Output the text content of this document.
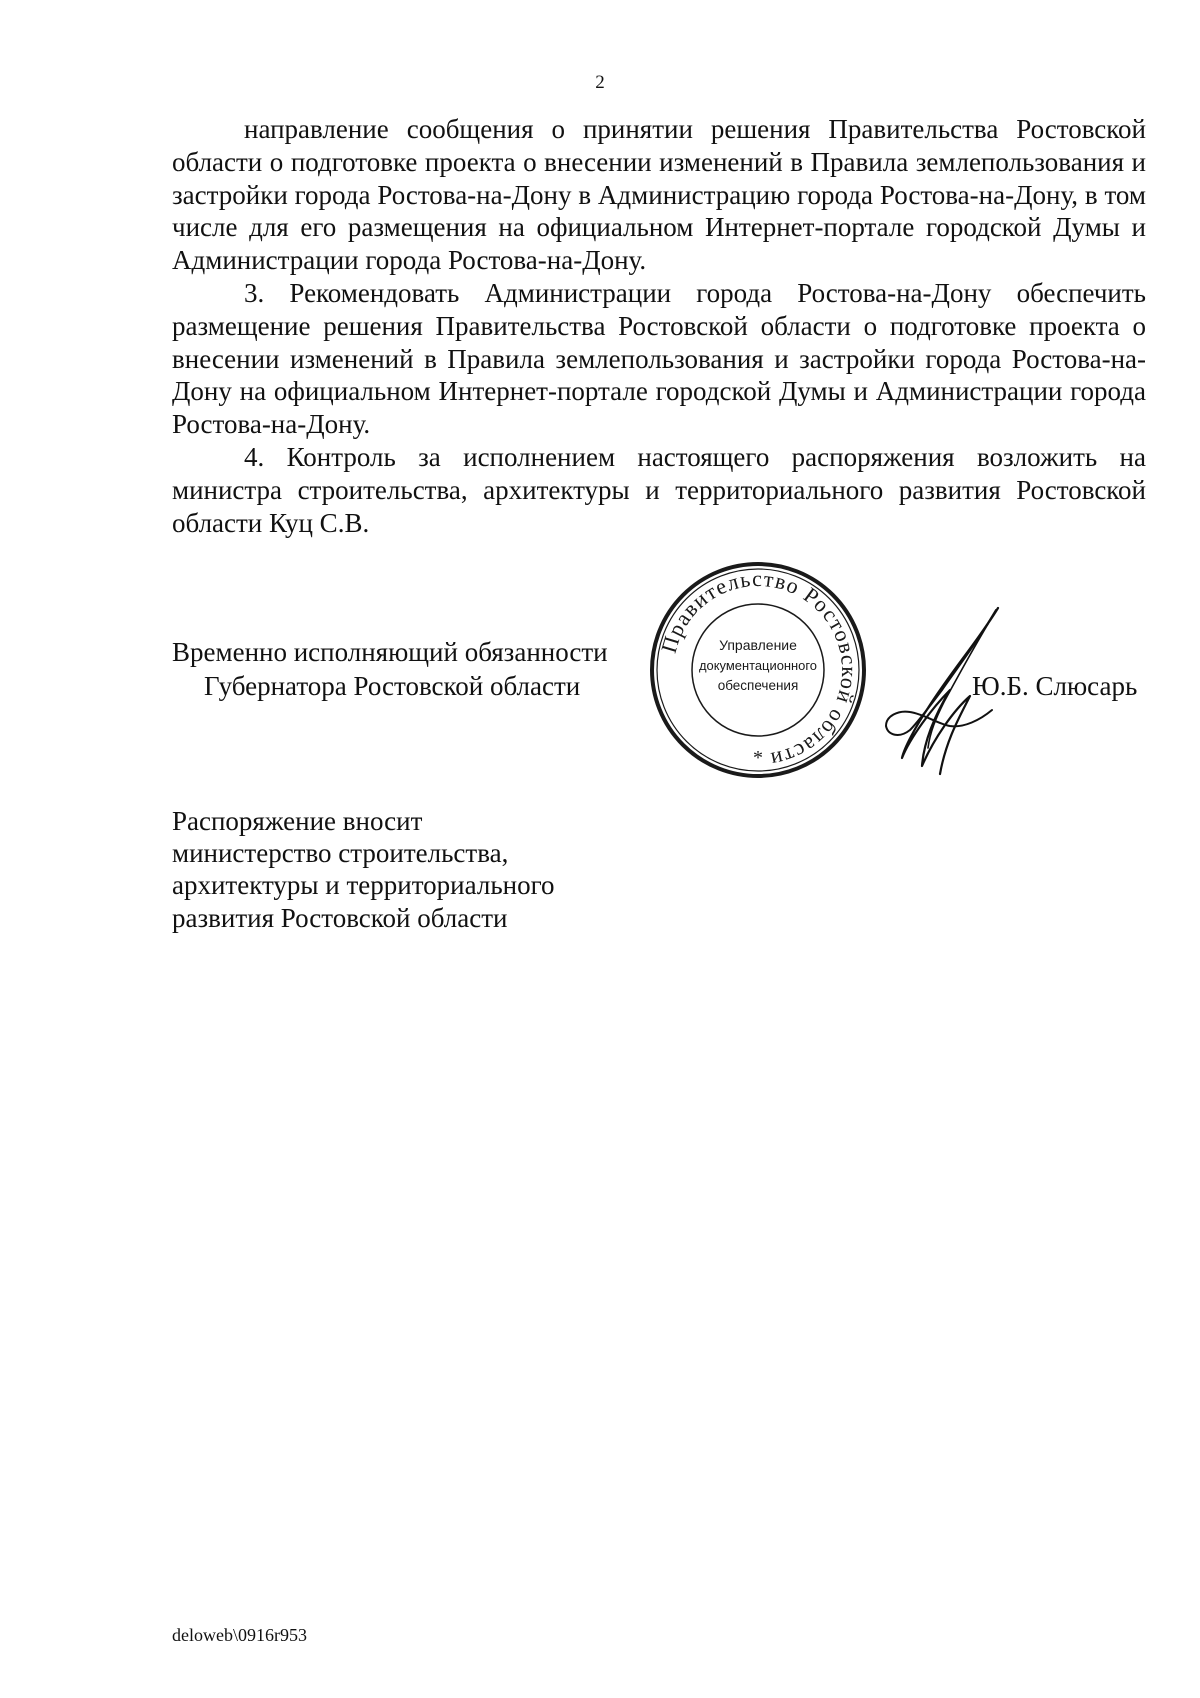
2

направление сообщения о принятии решения Правительства Ростовской области о подготовке проекта о внесении изменений в Правила землепользования и застройки города Ростова-на-Дону в Администрацию города Ростова-на-Дону, в том числе для его размещения на официальном Интернет-портале городской Думы и Администрации города Ростова-на-Дону.

3. Рекомендовать Администрации города Ростова-на-Дону обеспечить размещение решения Правительства Ростовской области о подготовке проекта о внесении изменений в Правила землепользования и застройки города Ростова-на-Дону на официальном Интернет-портале городской Думы и Администрации города Ростова-на-Дону.

4. Контроль за исполнением настоящего распоряжения возложить на министра строительства, архитектуры и территориального развития Ростовской области Куц С.В.

Временно исполняющий обязанности
Губернатора Ростовской области
Правительство Ростовской области
Управление
документационного
обеспечения
*
Ю.Б. Слюсарь
Распоряжение вносит
министерство строительства,
архитектуры и территориального
развития Ростовской области
deloweb\0916r953
